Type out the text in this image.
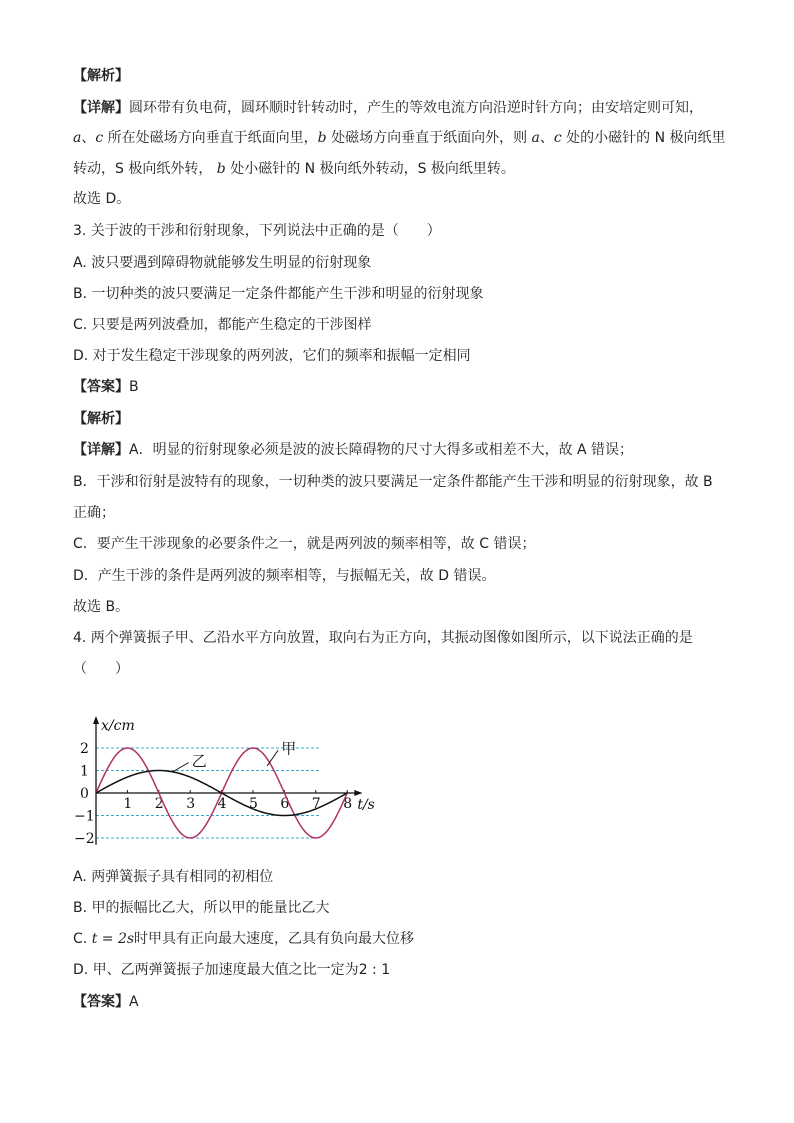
【解析】
【详解】圆环带有负电荷，圆环顺时针转动时，产生的等效电流方向沿逆时针方向；由安培定则可知，
a、c 所在处磁场方向垂直于纸面向里，b 处磁场方向垂直于纸面向外，则 a、c 处的小磁针的 N 极向纸里
转动，S 极向纸外转， b 处小磁针的 N 极向纸外转动，S 极向纸里转。
故选 D。
3. 关于波的干涉和衍射现象，下列说法中正确的是（　　）
A. 波只要遇到障碍物就能够发生明显的衍射现象
B. 一切种类的波只要满足一定条件都能产生干涉和明显的衍射现象
C. 只要是两列波叠加，都能产生稳定的干涉图样
D. 对于发生稳定干涉现象的两列波，它们的频率和振幅一定相同
【答案】B
【解析】
【详解】A．明显的衍射现象必须是波的波长障碍物的尺寸大得多或相差不大，故 A 错误；
B．干涉和衍射是波特有的现象，一切种类的波只要满足一定条件都能产生干涉和明显的衍射现象，故 B
正确；
C．要产生干涉现象的必要条件之一，就是两列波的频率相等，故 C 错误；
D．产生干涉的条件是两列波的频率相等，与振幅无关，故 D 错误。
故选 B。
4. 两个弹簧振子甲、乙沿水平方向放置，取向右为正方向，其振动图像如图所示，以下说法正确的是
（　　）
1 2 3 4 5 6 7 8
2
1
−1
−2
0
x/cm
t/s
甲
乙
A. 两弹簧振子具有相同的初相位
B. 甲的振幅比乙大，所以甲的能量比乙大
C. t = 2s时甲具有正向最大速度，乙具有负向最大位移
D. 甲、乙两弹簧振子加速度最大值之比一定为2 : 1
【答案】A
